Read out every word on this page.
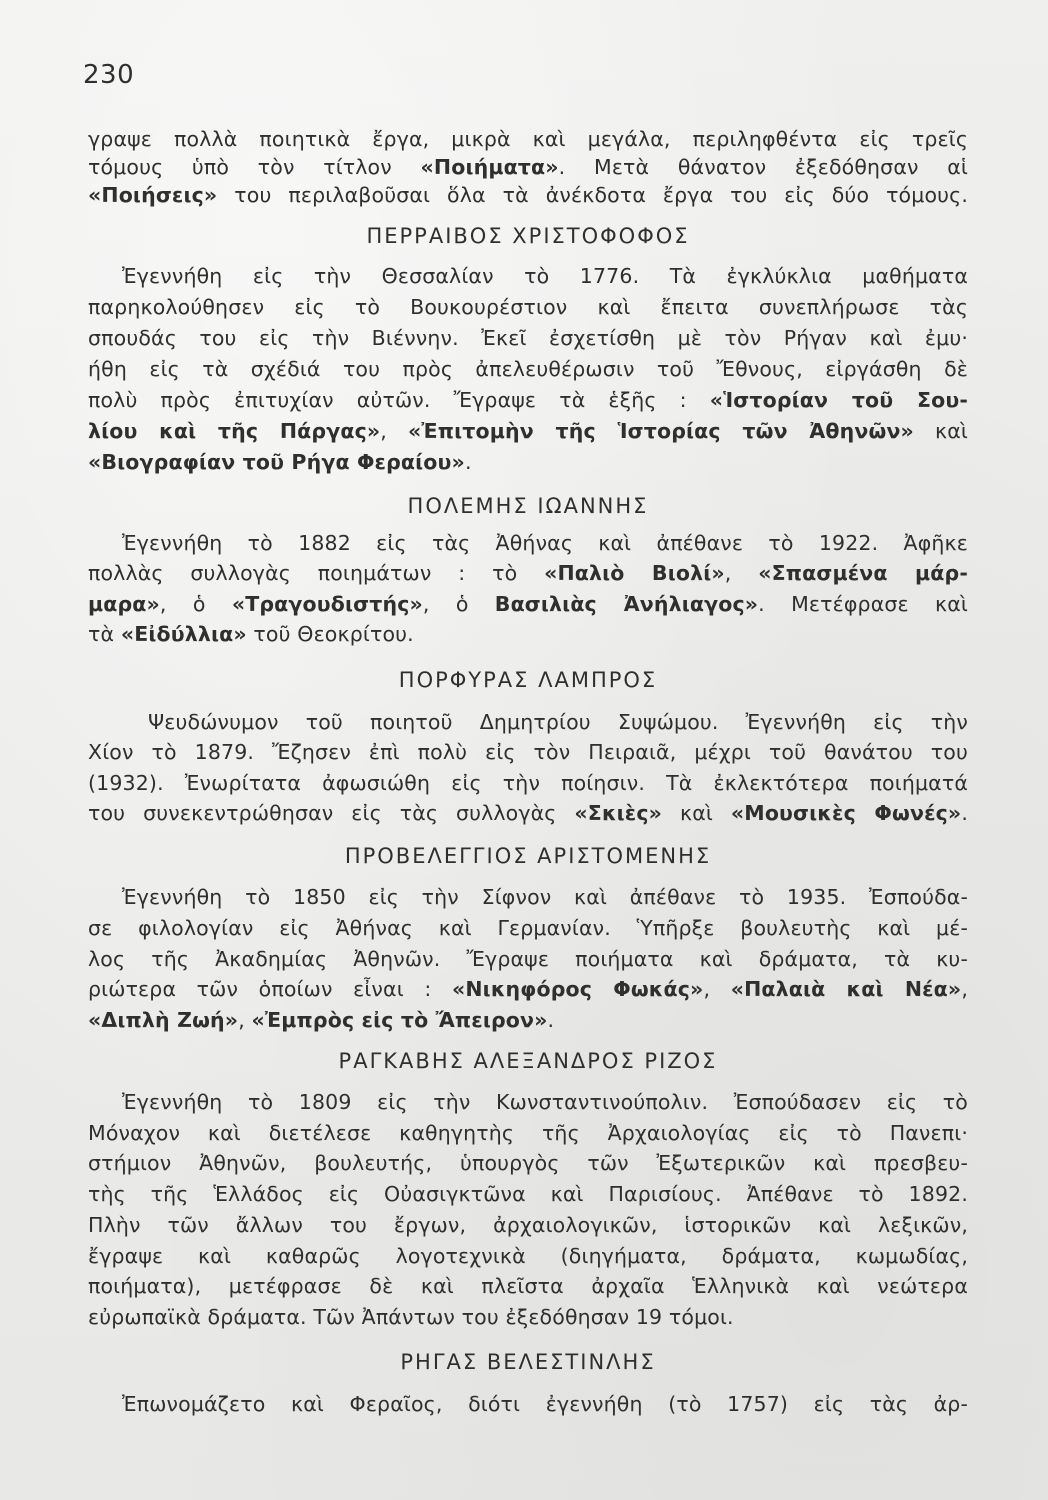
230
γραψε πολλὰ ποιητικὰ ἔργα, μικρὰ καὶ μεγάλα, περιληφθέντα εἰς τρεῖς
τόμους ὑπὸ τὸν τίτλον «Ποιήματα». Μετὰ θάνατον ἐξεδόθησαν αἱ
«Ποιήσεις» του περιλαβοῦσαι ὅλα τὰ ἀνέκδοτα ἔργα του εἰς δύο τόμους.
ΠΕΡΡΑΙΒΟΣ ΧΡΙΣΤΟΦΟΦΟΣ
Ἐγεννήθη εἰς τὴν Θεσσαλίαν τὸ 1776. Τὰ ἐγκλύκλια μαθήματα
παρηκολούθησεν εἰς τὸ Βουκουρέστιον καὶ ἔπειτα συνεπλήρωσε τὰς
σπουδάς του εἰς τὴν Βιέννην. Ἐκεῖ ἐσχετίσθη μὲ τὸν Ρήγαν καὶ ἐμυ·
ήθη εἰς τὰ σχέδιά του πρὸς ἀπελευθέρωσιν τοῦ Ἔθνους, εἰργάσθη δὲ
πολὺ πρὸς ἐπιτυχίαν αὐτῶν. Ἔγραψε τὰ ἑξῆς : «Ἱστορίαν τοῦ Σου-
λίου καὶ τῆς Πάργας», «Ἐπιτομὴν τῆς Ἱστορίας τῶν Ἀθηνῶν» καὶ
«Βιογραφίαν τοῦ Ρήγα Φεραίου».
ΠΟΛΕΜΗΣ ΙΩΑΝΝΗΣ
Ἐγεννήθη τὸ 1882 εἰς τὰς Ἀθήνας καὶ ἀπέθανε τὸ 1922. Ἀφῆκε
πολλὰς συλλογὰς ποιημάτων : τὸ «Παλιὸ Βιολί», «Σπασμένα μάρ-
μαρα», ὁ «Τραγουδιστής», ὁ Βασιλιὰς Ἀνήλιαγος». Μετέφρασε καὶ
τὰ «Εἰδύλλια» τοῦ Θεοκρίτου.
ΠΟΡΦΥΡΑΣ ΛΑΜΠΡΟΣ
Ψευδώνυμον τοῦ ποιητοῦ Δημητρίου Συψώμου. Ἐγεννήθη εἰς τὴν
Χίον τὸ 1879. Ἔζησεν ἐπὶ πολὺ εἰς τὸν Πειραιᾶ, μέχρι τοῦ θανάτου του
(1932). Ἐνωρίτατα ἀφωσιώθη εἰς τὴν ποίησιν. Τὰ ἐκλεκτότερα ποιήματά
του συνεκεντρώθησαν εἰς τὰς συλλογὰς «Σκιὲς» καὶ «Μουσικὲς Φωνές».
ΠΡΟΒΕΛΕΓΓΙΟΣ ΑΡΙΣΤΟΜΕΝΗΣ
Ἐγεννήθη τὸ 1850 εἰς τὴν Σίφνον καὶ ἀπέθανε τὸ 1935. Ἐσπούδα-
σε φιλολογίαν εἰς Ἀθήνας καὶ Γερμανίαν. Ὑπῆρξε βουλευτὴς καὶ μέ-
λος τῆς Ἀκαδημίας Ἀθηνῶν. Ἔγραψε ποιήματα καὶ δράματα, τὰ κυ-
ριώτερα τῶν ὁποίων εἶναι : «Νικηφόρος Φωκάς», «Παλαιὰ καὶ Νέα»,
«Διπλὴ Ζωή», «Ἐμπρὸς εἰς τὸ Ἄπειρον».
ΡΑΓΚΑΒΗΣ ΑΛΕΞΑΝΔΡΟΣ ΡΙΖΟΣ
Ἐγεννήθη τὸ 1809 εἰς τὴν Κωνσταντινούπολιν. Ἐσπούδασεν εἰς τὸ
Μόναχον καὶ διετέλεσε καθηγητὴς τῆς Ἀρχαιολογίας εἰς τὸ Πανεπι·
στήμιον Ἀθηνῶν, βουλευτής, ὑπουργὸς τῶν Ἐξωτερικῶν καὶ πρεσβευ-
τὴς τῆς Ἑλλάδος εἰς Οὐασιγκτῶνα καὶ Παρισίους. Ἀπέθανε τὸ 1892.
Πλὴν τῶν ἄλλων του ἔργων, ἀρχαιολογικῶν, ἱστορικῶν καὶ λεξικῶν,
ἔγραψε καὶ καθαρῶς λογοτεχνικὰ (διηγήματα, δράματα, κωμωδίας,
ποιήματα), μετέφρασε δὲ καὶ πλεῖστα ἀρχαῖα Ἑλληνικὰ καὶ νεώτερα
εὐρωπαϊκὰ δράματα. Τῶν Ἀπάντων του ἐξεδόθησαν 19 τόμοι.
ΡΗΓΑΣ ΒΕΛΕΣΤΙΝΛΗΣ
Ἐπωνομάζετο καὶ Φεραῖος, διότι ἐγεννήθη (τὸ 1757) εἰς τὰς ἀρ-
